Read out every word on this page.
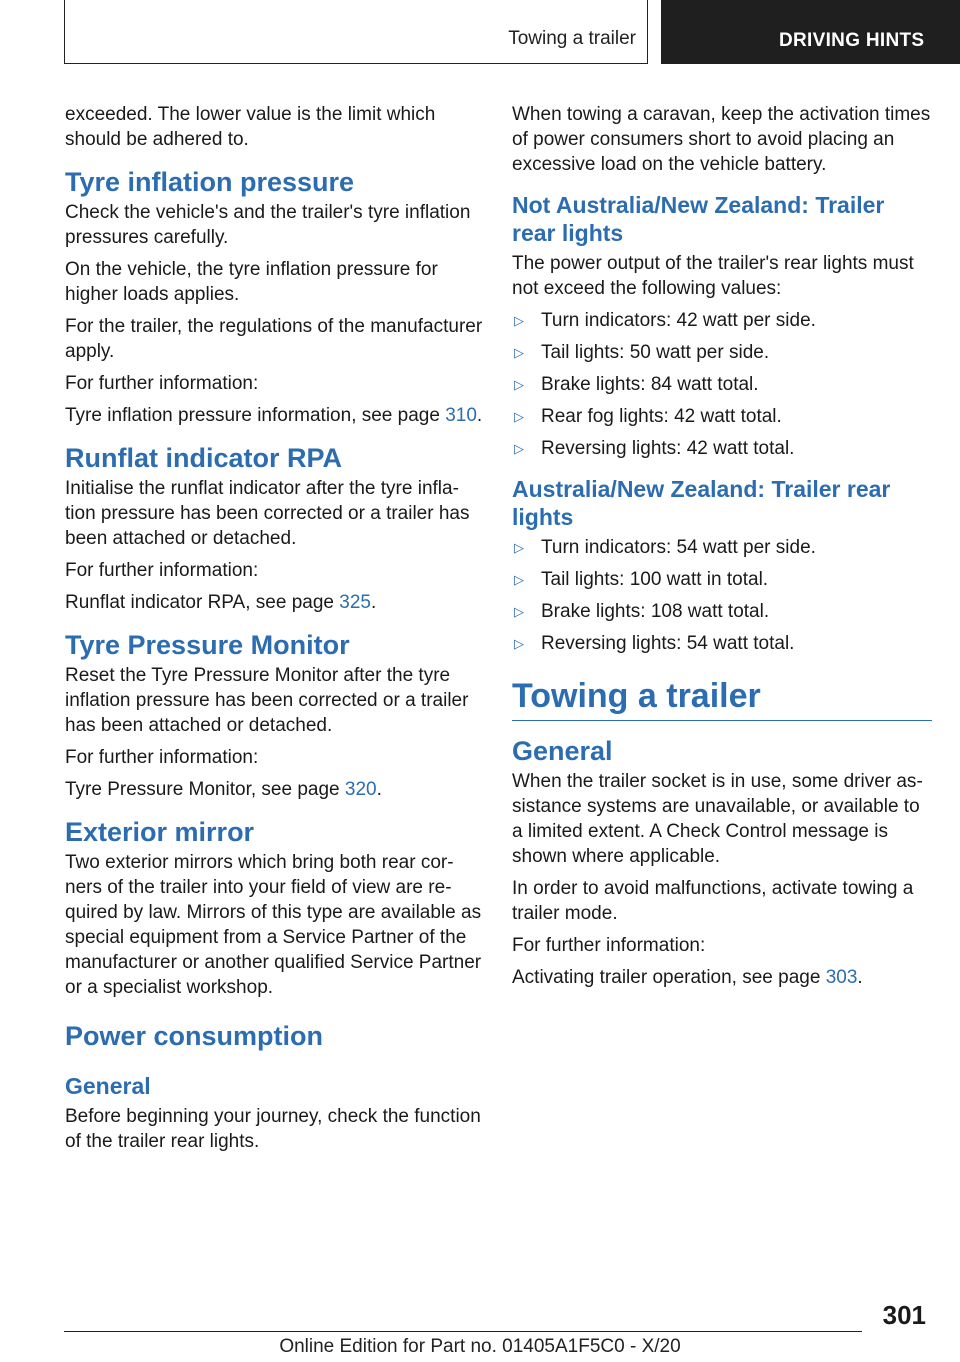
Towing a trailer	DRIVING HINTS

exceeded. The lower value is the limit which should be adhered to.

Tyre inflation pressure

Check the vehicle's and the trailer's tyre inflation pressures carefully.

On the vehicle, the tyre inflation pressure for higher loads applies.

For the trailer, the regulations of the manufacturer apply.

For further information:

Tyre inflation pressure information, see page 310.

Runflat indicator RPA

Initialise the runflat indicator after the tyre inflation pressure has been corrected or a trailer has been attached or detached.

For further information:

Runflat indicator RPA, see page 325.

Tyre Pressure Monitor

Reset the Tyre Pressure Monitor after the tyre inflation pressure has been corrected or a trailer has been attached or detached.

For further information:

Tyre Pressure Monitor, see page 320.

Exterior mirror

Two exterior mirrors which bring both rear corners of the trailer into your field of view are required by law. Mirrors of this type are available as special equipment from a Service Partner of the manufacturer or another qualified Service Partner or a specialist workshop.

Power consumption
General

Before beginning your journey, check the function of the trailer rear lights.

When towing a caravan, keep the activation times of power consumers short to avoid placing an excessive load on the vehicle battery.

Not Australia/New Zealand: Trailer rear lights

The power output of the trailer's rear lights must not exceed the following values:

▷ Turn indicators: 42 watt per side.
▷ Tail lights: 50 watt per side.
▷ Brake lights: 84 watt total.
▷ Rear fog lights: 42 watt total.
▷ Reversing lights: 42 watt total.
Australia/New Zealand: Trailer rear lights
▷ Turn indicators: 54 watt per side.
▷ Tail lights: 100 watt in total.
▷ Brake lights: 108 watt total.
▷ Reversing lights: 54 watt total.
Towing a trailer
General

When the trailer socket is in use, some driver assistance systems are unavailable, or available to a limited extent. A Check Control message is shown where applicable.

In order to avoid malfunctions, activate towing a trailer mode.

For further information:

Activating trailer operation, see page 303.

301
Online Edition for Part no. 01405A1F5C0 - X/20
